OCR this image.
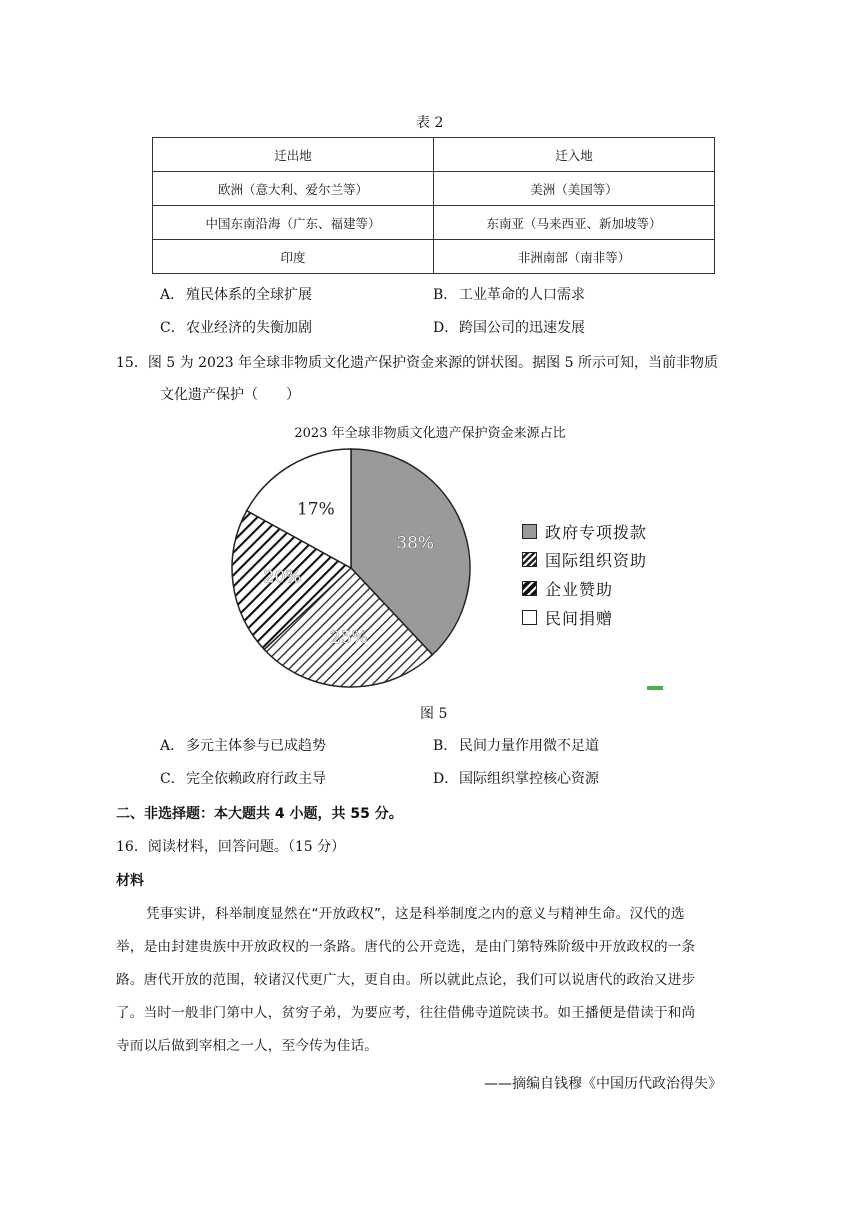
表 2
迁出地	迁入地
欧洲（意大利、爱尔兰等）	美洲（美国等）
中国东南沿海（广东、福建等）	东南亚（马来西亚、新加坡等）
印度	非洲南部（南非等）
A． 殖民体系的全球扩展	B． 工业革命的人口需求
C．农业经济的失衡加剧	D．跨国公司的迅速发展
15．图 5 为 2023 年全球非物质文化遗产保护资金来源的饼状图。据图 5 所示可知，当前非物质
文化遗产保护（　　）
2023 年全球非物质文化遗产保护资金来源占比
38%
25%
20%
17%
政府专项拨款
国际组织资助
企业赞助
民间捐赠
图 5
A． 多元主体参与已成趋势	B． 民间力量作用微不足道
C．完全依赖政府行政主导	D．国际组织掌控核心资源
二、非选择题：本大题共 4 小题，共 55 分。
16．阅读材料，回答问题。（15 分）
材料
凭事实讲，科举制度显然在“开放政权”，这是科举制度之内的意义与精神生命。汉代的选
举，是由封建贵族中开放政权的一条路。唐代的公开竞选，是由门第特殊阶级中开放政权的一条
路。唐代开放的范围，较诸汉代更广大，更自由。所以就此点论，我们可以说唐代的政治又进步
了。当时一般非门第中人，贫穷子弟，为要应考，往往借佛寺道院读书。如王播便是借读于和尚
寺而以后做到宰相之一人，至今传为佳话。
——摘编自钱穆《中国历代政治得失》
